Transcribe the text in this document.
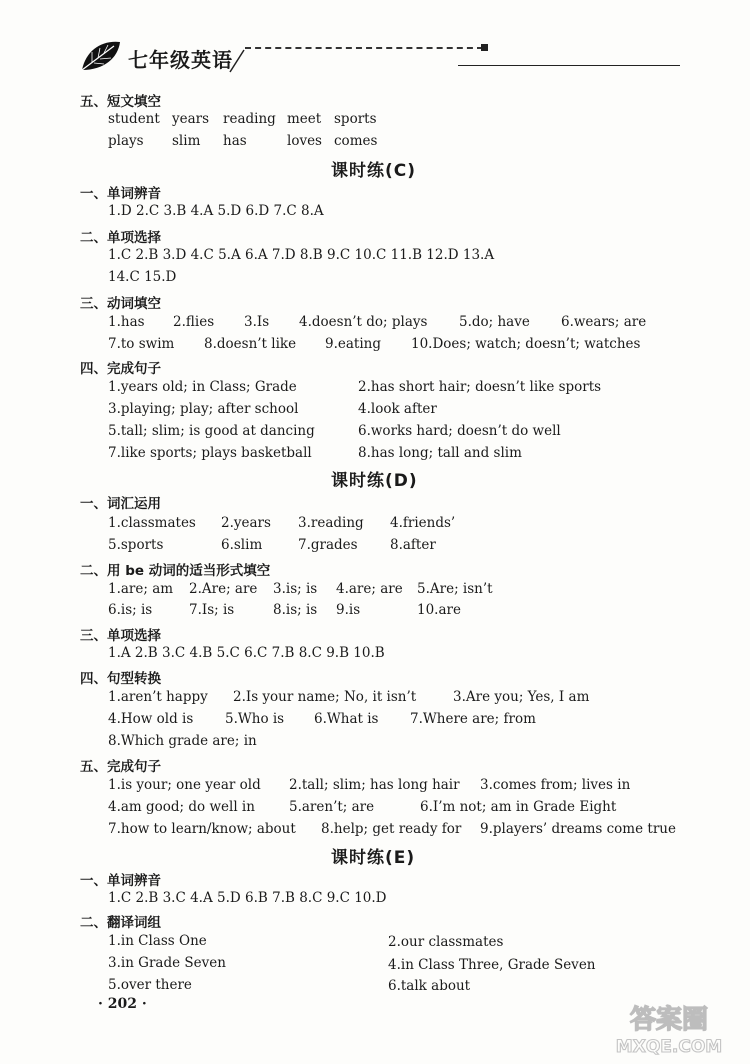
七年级英语
五、短文填空
student years reading meet sports
plays slim has	loves comes
课时练(C)
一、单词辨音
1.D 2.C 3.B 4.A 5.D 6.D 7.C 8.A
二、单项选择
1.C 2.B 3.D 4.C 5.A 6.A 7.D 8.B 9.C 10.C 11.B 12.D 13.A
14.C 15.D
三、动词填空
1.has 2.flies 3.Is 4.doesn’t do; plays 5.do; have 6.wears; are
7.to swim 8.doesn’t like 9.eating 10.Does; watch; doesn’t; watches
四、完成句子
1.years old; in Class; Grade	2.has short hair; doesn’t like sports
3.playing; play; after school	4.look after
5.tall; slim; is good at dancing	6.works hard; doesn’t do well
7.like sports; plays basketball	8.has long; tall and slim
课时练(D)
一、词汇运用
1.classmates 2.years 3.reading 4.friends’
5.sports	6.slim	7.grades 8.after
二、用 be 动词的适当形式填空
1.are; am 2.Are; are 3.is; is 4.are; are 5.Are; isn’t
6.is; is	7.Is; is	8.is; is 9.is	10.are
三、单项选择
1.A 2.B 3.C 4.B 5.C 6.C 7.B 8.C 9.B 10.B
四、句型转换
1.aren’t happy 2.Is your name; No, it isn’t	3.Are you; Yes, I am
4.How old is 5.Who is 6.What is 7.Where are; from
8.Which grade are; in
五、完成句子
1.is your; one year old 2.tall; slim; has long hair 3.comes from; lives in
4.am good; do well in	5.aren’t; are	6.I’m not; am in Grade Eight
7.how to learn/know; about 8.help; get ready for 9.players’ dreams come true
课时练(E)
一、单词辨音
1.C 2.B 3.C 4.A 5.D 6.B 7.B 8.C 9.C 10.D
二、翻译词组
1.in Class One	2.our classmates
3.in Grade Seven	4.in Class Three, Grade Seven
5.over there	6.talk about
· 202 ·
答案圈
MXQE.COM
